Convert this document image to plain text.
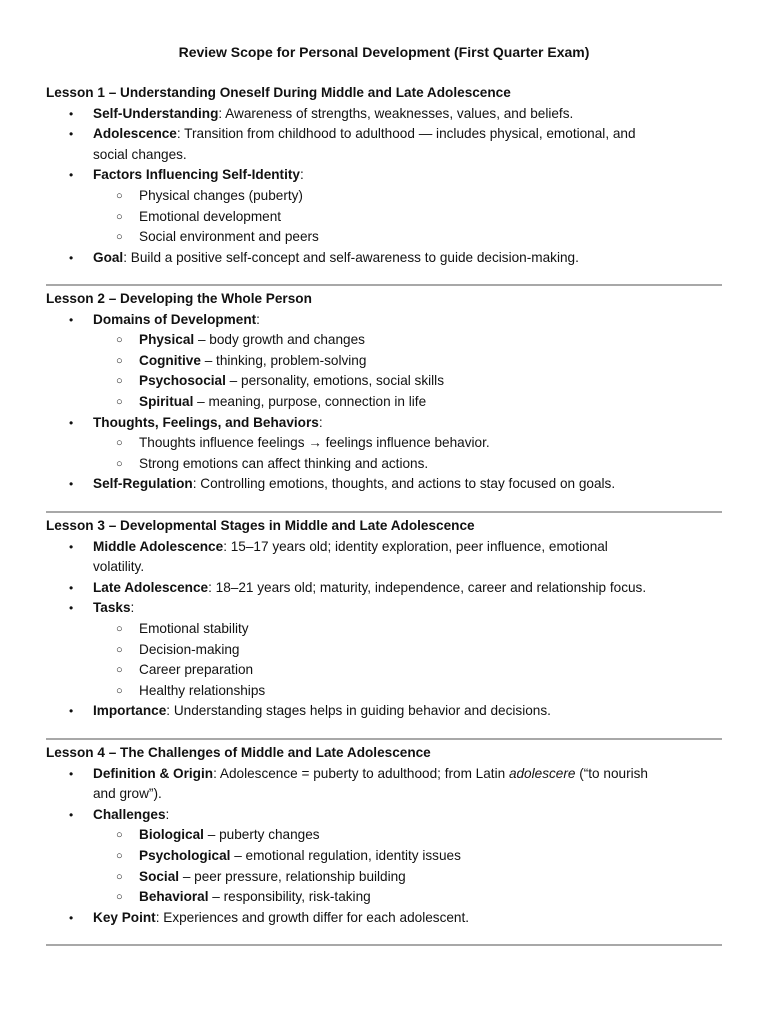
Review Scope for Personal Development (First Quarter Exam)
Lesson 1 – Understanding Oneself During Middle and Late Adolescence
• Self-Understanding: Awareness of strengths, weaknesses, values, and beliefs.
• Adolescence: Transition from childhood to adulthood — includes physical, emotional, and
social changes.
• Factors Influencing Self-Identity:
○ Physical changes (puberty)
○ Emotional development
○ Social environment and peers
• Goal: Build a positive self-concept and self-awareness to guide decision-making.
Lesson 2 – Developing the Whole Person
• Domains of Development:
○ Physical – body growth and changes
○ Cognitive – thinking, problem-solving
○ Psychosocial – personality, emotions, social skills
○ Spiritual – meaning, purpose, connection in life
• Thoughts, Feelings, and Behaviors:
○ Thoughts influence feelings → feelings influence behavior.
○ Strong emotions can affect thinking and actions.
• Self-Regulation: Controlling emotions, thoughts, and actions to stay focused on goals.
Lesson 3 – Developmental Stages in Middle and Late Adolescence
• Middle Adolescence: 15–17 years old; identity exploration, peer influence, emotional
volatility.
• Late Adolescence: 18–21 years old; maturity, independence, career and relationship focus.
• Tasks:
○ Emotional stability
○ Decision-making
○ Career preparation
○ Healthy relationships
• Importance: Understanding stages helps in guiding behavior and decisions.
Lesson 4 – The Challenges of Middle and Late Adolescence
• Definition & Origin: Adolescence = puberty to adulthood; from Latin adolescere (“to nourish
and grow”).
• Challenges:
○ Biological – puberty changes
○ Psychological – emotional regulation, identity issues
○ Social – peer pressure, relationship building
○ Behavioral – responsibility, risk-taking
• Key Point: Experiences and growth differ for each adolescent.
